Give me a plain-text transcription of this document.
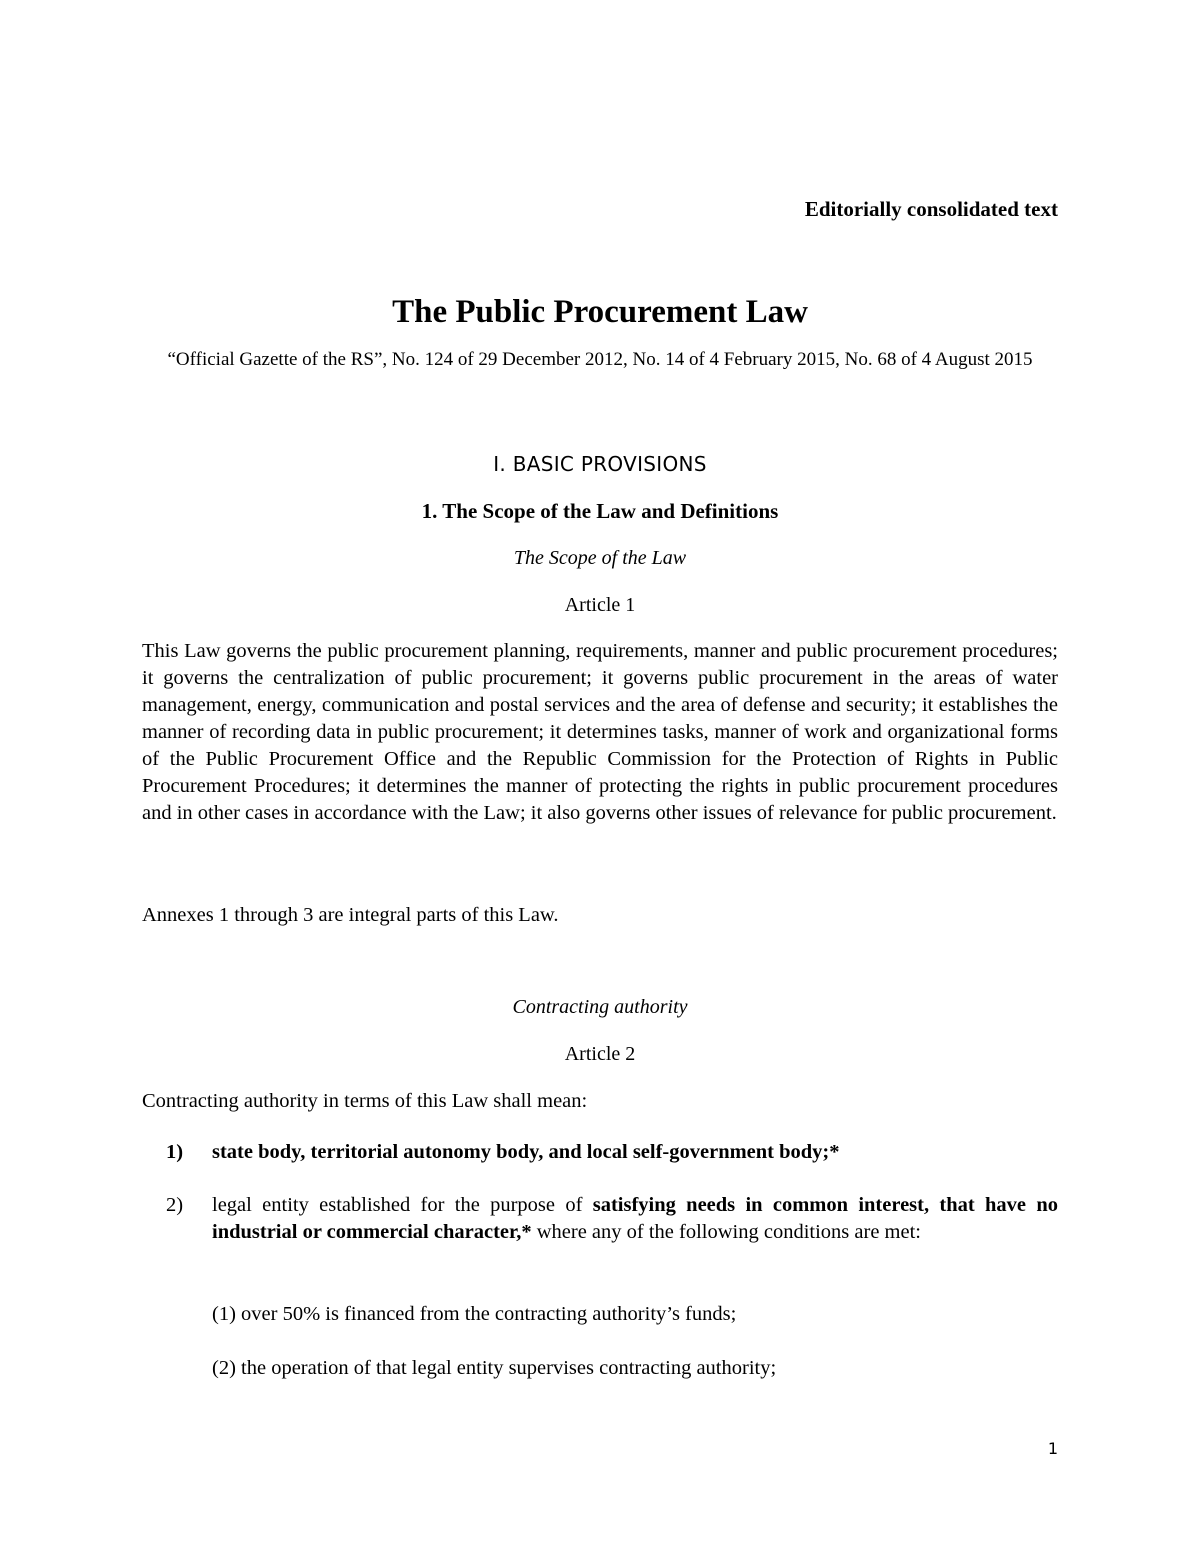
Editorially consolidated text

The Public Procurement Law

“Official Gazette of the RS”, No. 124 of 29 December 2012, No. 14 of 4 February 2015, No. 68 of 4 August 2015

I. BASIC PROVISIONS
1. The Scope of the Law and Definitions

The Scope of the Law

Article 1

This Law governs the public procurement planning, requirements, manner and public procurement procedures; it governs the centralization of public procurement; it governs public procurement in the areas of water management, energy, communication and postal services and the area of defense and security; it establishes the manner of recording data in public procurement; it determines tasks, manner of work and organizational forms of the Public Procurement Office and the Republic Commission for the Protection of Rights in Public Procurement Procedures; it determines the manner of protecting the rights in public procurement procedures and in other cases in accordance with the Law; it also governs other issues of relevance for public procurement.

Annexes 1 through 3 are integral parts of this Law.

Contracting authority

Article 2

Contracting authority in terms of this Law shall mean:

1) state body, territorial autonomy body, and local self-government body;*
2) legal entity established for the purpose of satisfying needs in common interest, that have no industrial or commercial character,* where any of the following conditions are met:

(1) over 50% is financed from the contracting authority’s funds;

(2) the operation of that legal entity supervises contracting authority;

1
